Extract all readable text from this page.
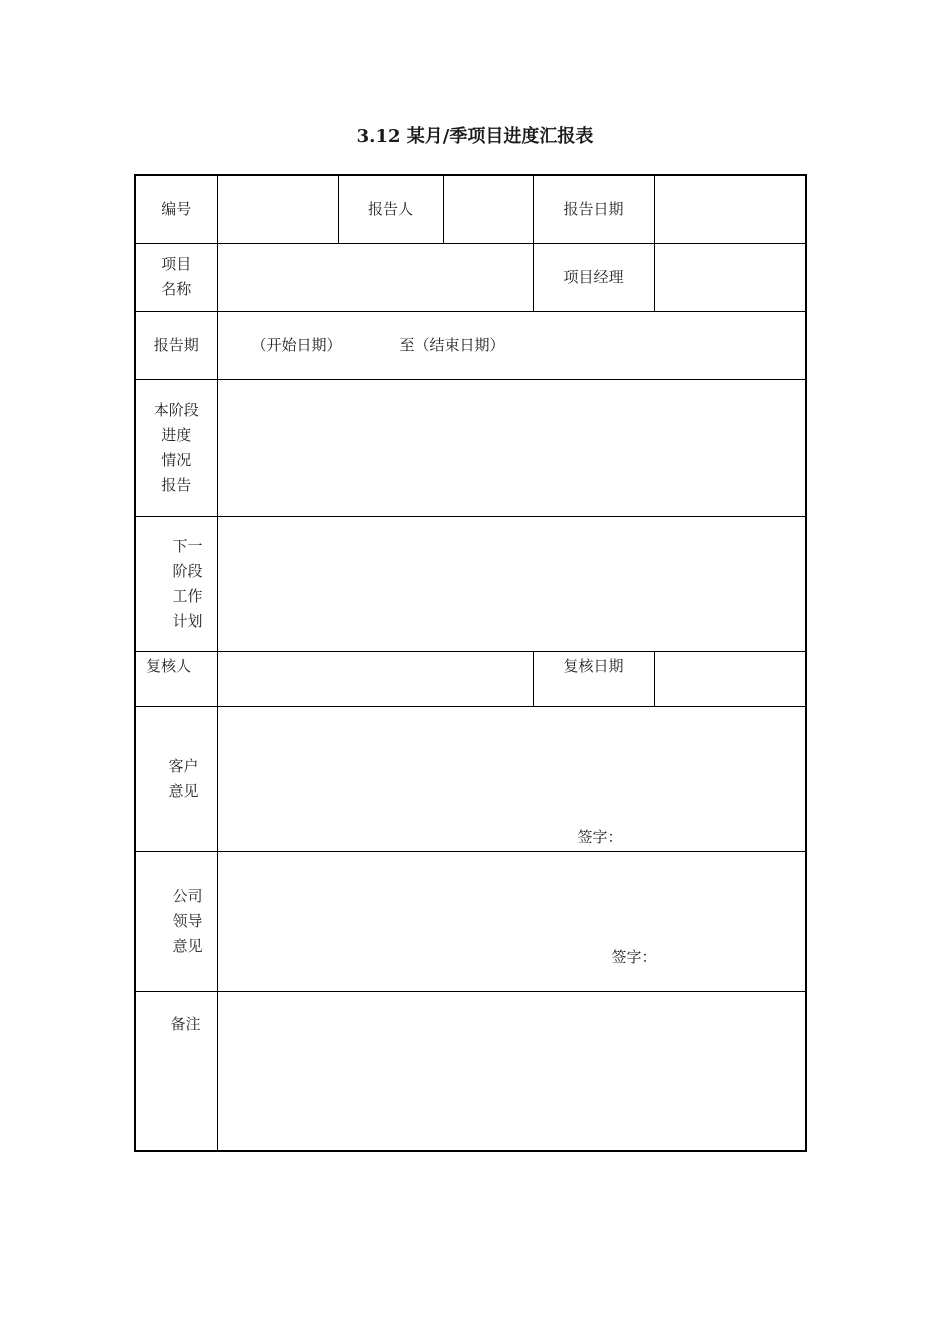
3.12 某月/季项目进度汇报表
编号		报告人		报告日期	

项目
名称				项目经理	
报告期	（开始日期） 至（结束日期）				

本阶段
进度
情况
报告					

下一
阶段
工作
计划					

复核人				复核日期	

客户
意见	签字：				

公司
领导
意见	签字：				

备注					
